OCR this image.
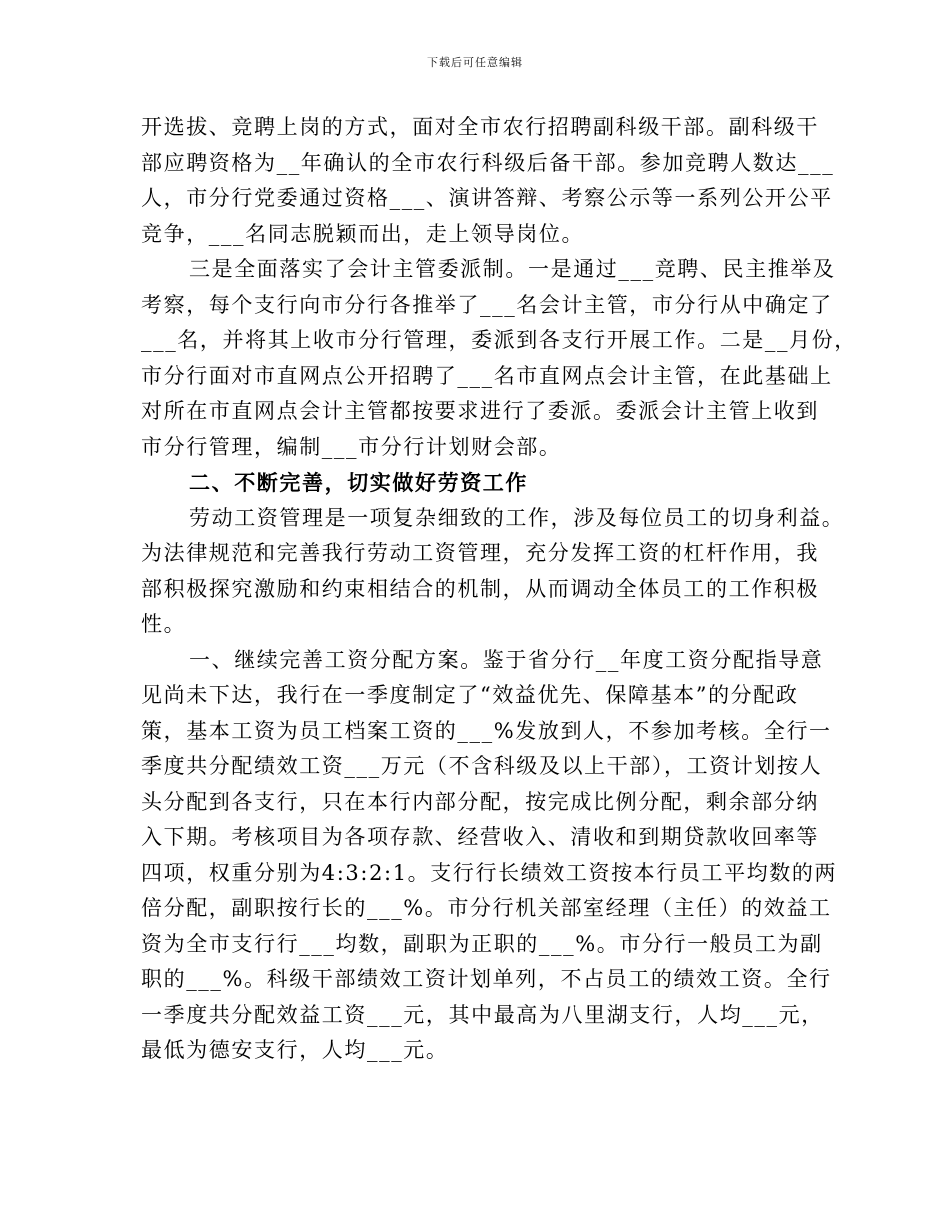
下载后可任意编辑
开选拔、竞聘上岗的方式，面对全市农行招聘副科级干部。副科级干
部应聘资格为__年确认的全市农行科级后备干部。参加竞聘人数达___
人，市分行党委通过资格___、演讲答辩、考察公示等一系列公开公平
竞争，___名同志脱颖而出，走上领导岗位。
三是全面落实了会计主管委派制。一是通过___竞聘、民主推举及
考察，每个支行向市分行各推举了___名会计主管，市分行从中确定了
___名，并将其上收市分行管理，委派到各支行开展工作。二是__月份，
市分行面对市直网点公开招聘了___名市直网点会计主管，在此基础上
对所在市直网点会计主管都按要求进行了委派。委派会计主管上收到
市分行管理，编制___市分行计划财会部。
二、不断完善，切实做好劳资工作
劳动工资管理是一项复杂细致的工作，涉及每位员工的切身利益。
为法律规范和完善我行劳动工资管理，充分发挥工资的杠杆作用，我
部积极探究激励和约束相结合的机制，从而调动全体员工的工作积极
性。
一、继续完善工资分配方案。鉴于省分行__年度工资分配指导意
见尚未下达，我行在一季度制定了“效益优先、保障基本”的分配政
策，基本工资为员工档案工资的___%发放到人，不参加考核。全行一
季度共分配绩效工资___万元（不含科级及以上干部），工资计划按人
头分配到各支行，只在本行内部分配，按完成比例分配，剩余部分纳
入下期。考核项目为各项存款、经营收入、清收和到期贷款收回率等
四项，权重分别为4:3:2:1。支行行长绩效工资按本行员工平均数的两
倍分配，副职按行长的___%。市分行机关部室经理（主任）的效益工
资为全市支行行___均数，副职为正职的___%。市分行一般员工为副
职的___%。科级干部绩效工资计划单列，不占员工的绩效工资。全行
一季度共分配效益工资___元，其中最高为八里湖支行，人均___元，
最低为德安支行，人均___元。
